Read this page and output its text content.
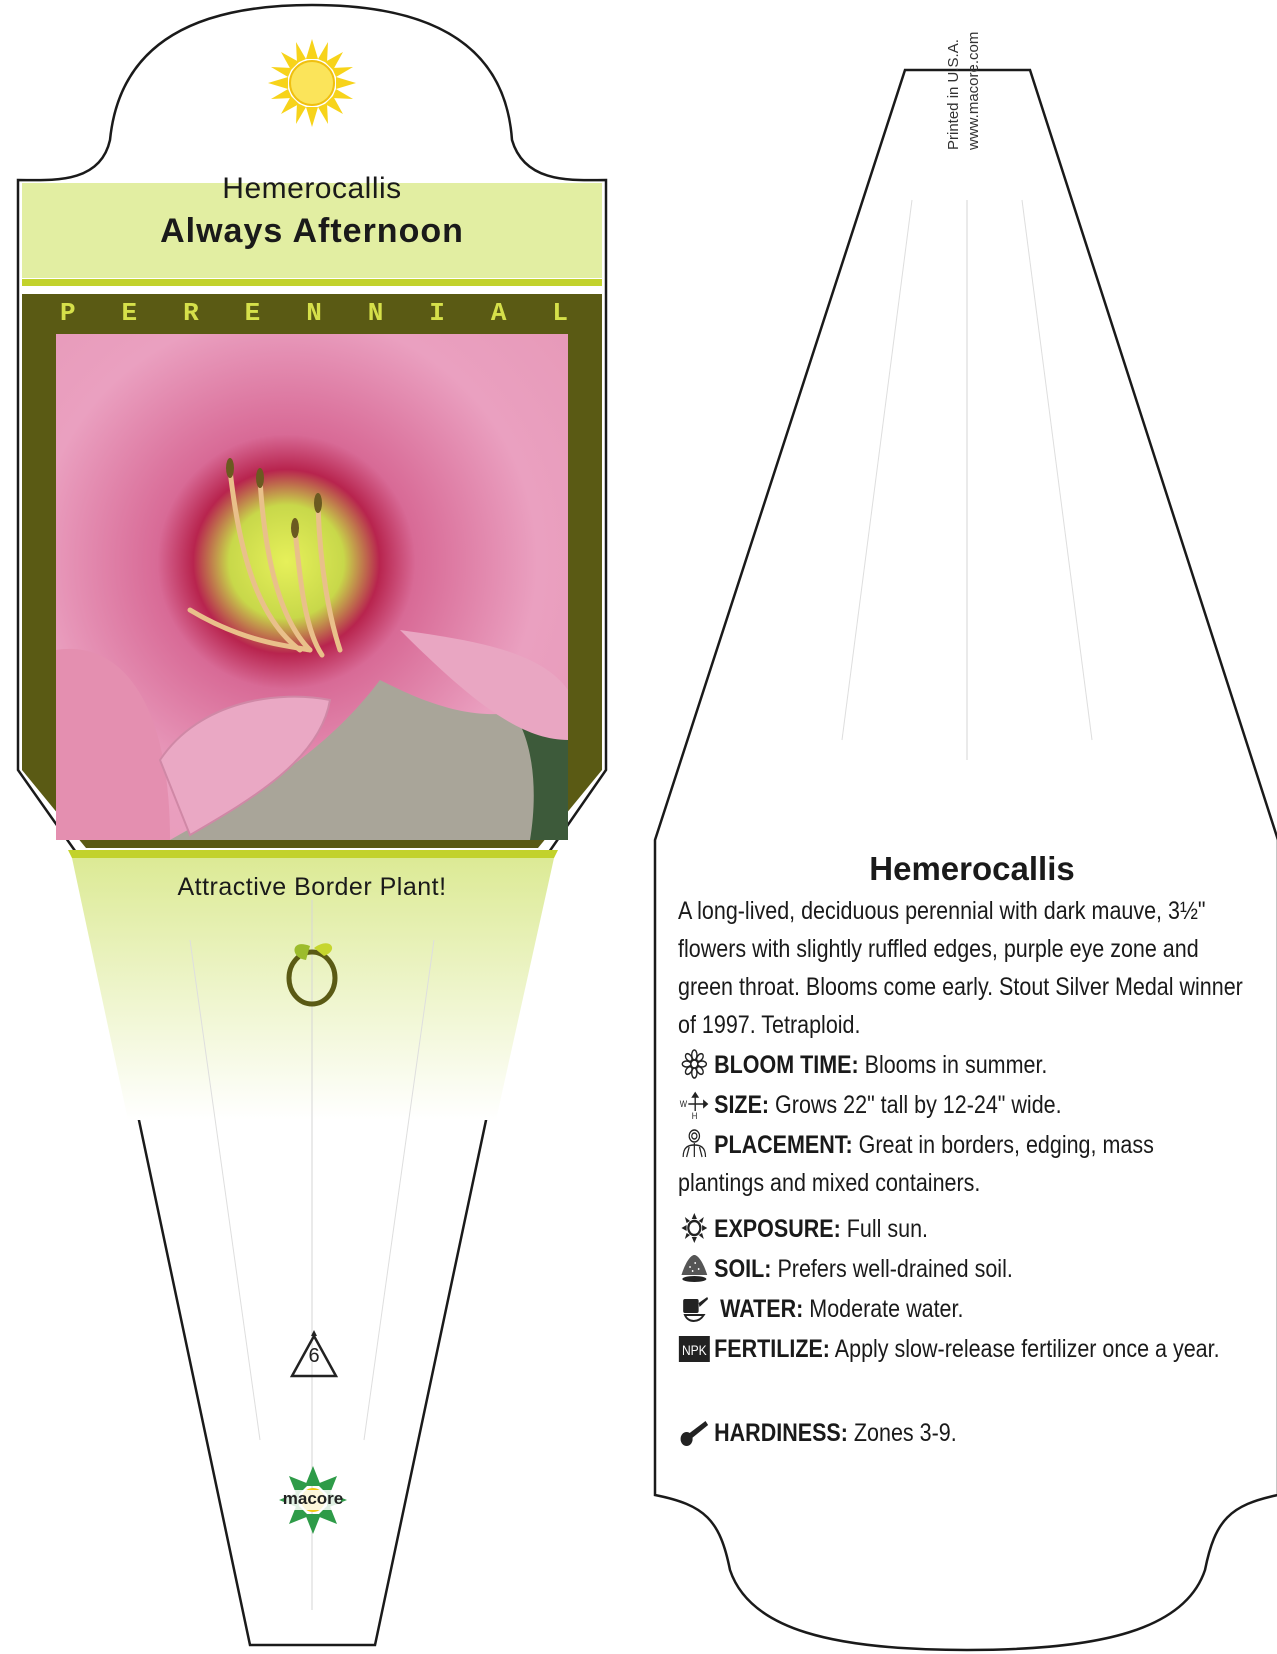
Hemerocallis
Always Afternoon
P E R E N N I A L
Attractive Border Plant!
6
macore
Printed in U.S.A. www.macore.com
Hemerocallis
A long-lived, deciduous perennial with dark mauve, 3½" flowers with slightly ruffled edges, purple eye zone and green throat. Blooms come early. Stout Silver Medal winner of 1997. Tetraploid.
BLOOM TIME: Blooms in summer.
W
H SIZE: Grows 22" tall by 12-24" wide.
PLACEMENT: Great in borders, edging, mass plantings and mixed containers.
EXPOSURE: Full sun.
SOIL: Prefers well-drained soil.
WATER: Moderate water.
NPK FERTILIZE: Apply slow-release fertilizer once a year.
HARDINESS: Zones 3-9.
